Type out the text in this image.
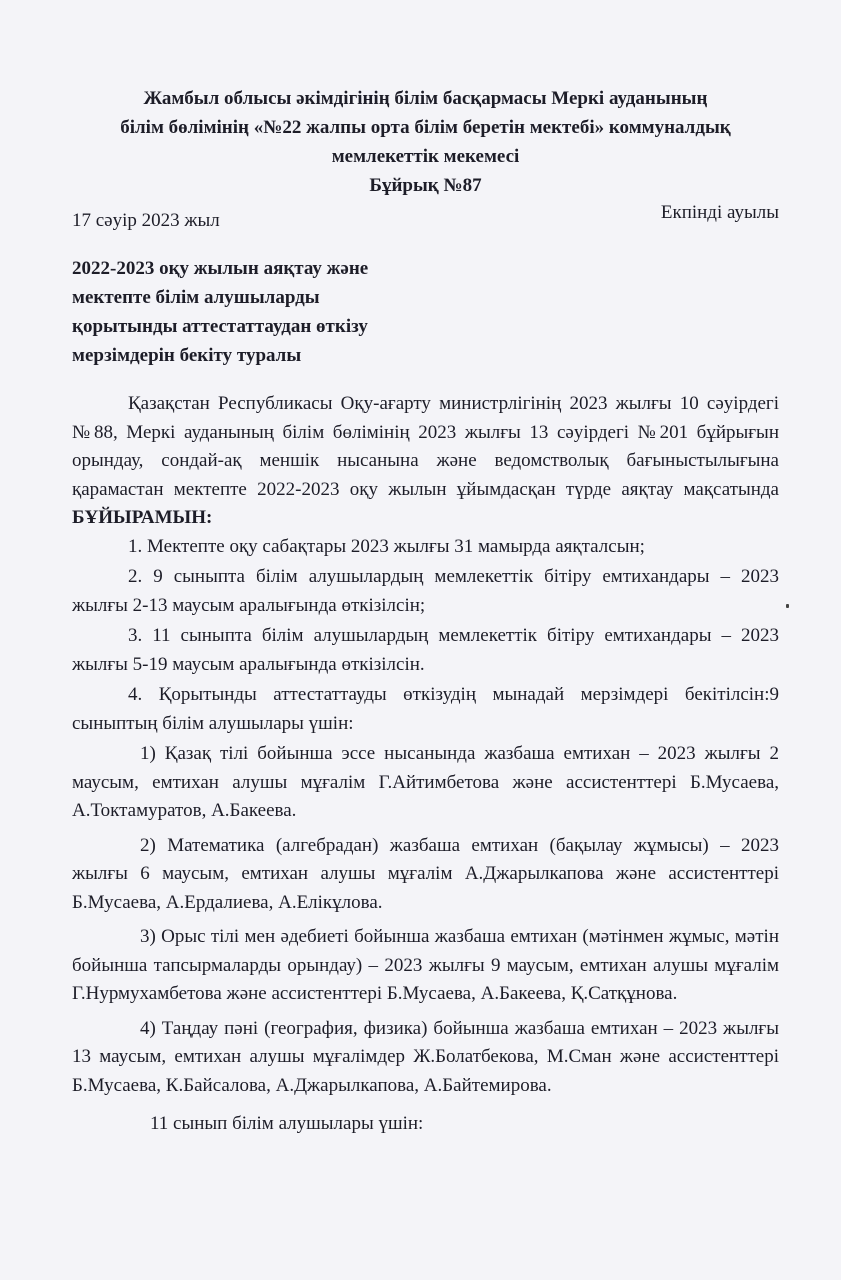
Жамбыл облысы әкімдігінің білім басқармасы Меркі ауданының
білім бөлімінің «№22 жалпы орта білім беретін мектебі» коммуналдық
мемлекеттік мекемесі
Бұйрық №87
17 сәуір 2023 жыл	Екпінді ауылы
2022-2023 оқу жылын аяқтау және
мектепте білім алушыларды
қорытынды аттестаттаудан өткізу
мерзімдерін бекіту туралы

Қазақстан Республикасы Оқу-ағарту министрлігінің 2023 жылғы 10 сәуірдегі №88, Меркі ауданының білім бөлімінің 2023 жылғы 13 сәуірдегі №201 бұйрығын орындау, сондай-ақ меншік нысанына және ведомстволық бағыныстылығына қарамастан мектепте 2022-2023 оқу жылын ұйымдасқан түрде аяқтау мақсатында БҰЙЫРАМЫН:

1. Мектепте оқу сабақтары 2023 жылғы 31 мамырда аяқталсын;

2. 9 сыныпта білім алушылардың мемлекеттік бітіру емтихандары – 2023 жылғы 2-13 маусым аралығында өткізілсін;

3. 11 сыныпта білім алушылардың мемлекеттік бітіру емтихандары – 2023 жылғы 5-19 маусым аралығында өткізілсін.

4. Қорытынды аттестаттауды өткізудің мынадай мерзімдері бекітілсін:9 сыныптың білім алушылары үшін:

1) Қазақ тілі бойынша эссе нысанында жазбаша емтихан – 2023 жылғы 2 маусым, емтихан алушы мұғалім Г.Айтимбетова және ассистенттері Б.Мусаева, А.Токтамуратов, А.Бакеева.

2) Математика (алгебрадан) жазбаша емтихан (бақылау жұмысы) – 2023 жылғы 6 маусым, емтихан алушы мұғалім А.Джарылкапова және ассистенттері Б.Мусаева, А.Ердалиева, А.Елікұлова.

3) Орыс тілі мен әдебиеті бойынша жазбаша емтихан (мәтінмен жұмыс, мәтін бойынша тапсырмаларды орындау) – 2023 жылғы 9 маусым, емтихан алушы мұғалім Г.Нурмухамбетова және ассистенттері Б.Мусаева, А.Бакеева, Қ.Сатқұнова.

4) Таңдау пәні (география, физика) бойынша жазбаша емтихан – 2023 жылғы 13 маусым, емтихан алушы мұғалімдер Ж.Болатбекова, М.Сман және ассистенттері Б.Мусаева, К.Байсалова, А.Джарылкапова, А.Байтемирова.

11 сынып білім алушылары үшін:
